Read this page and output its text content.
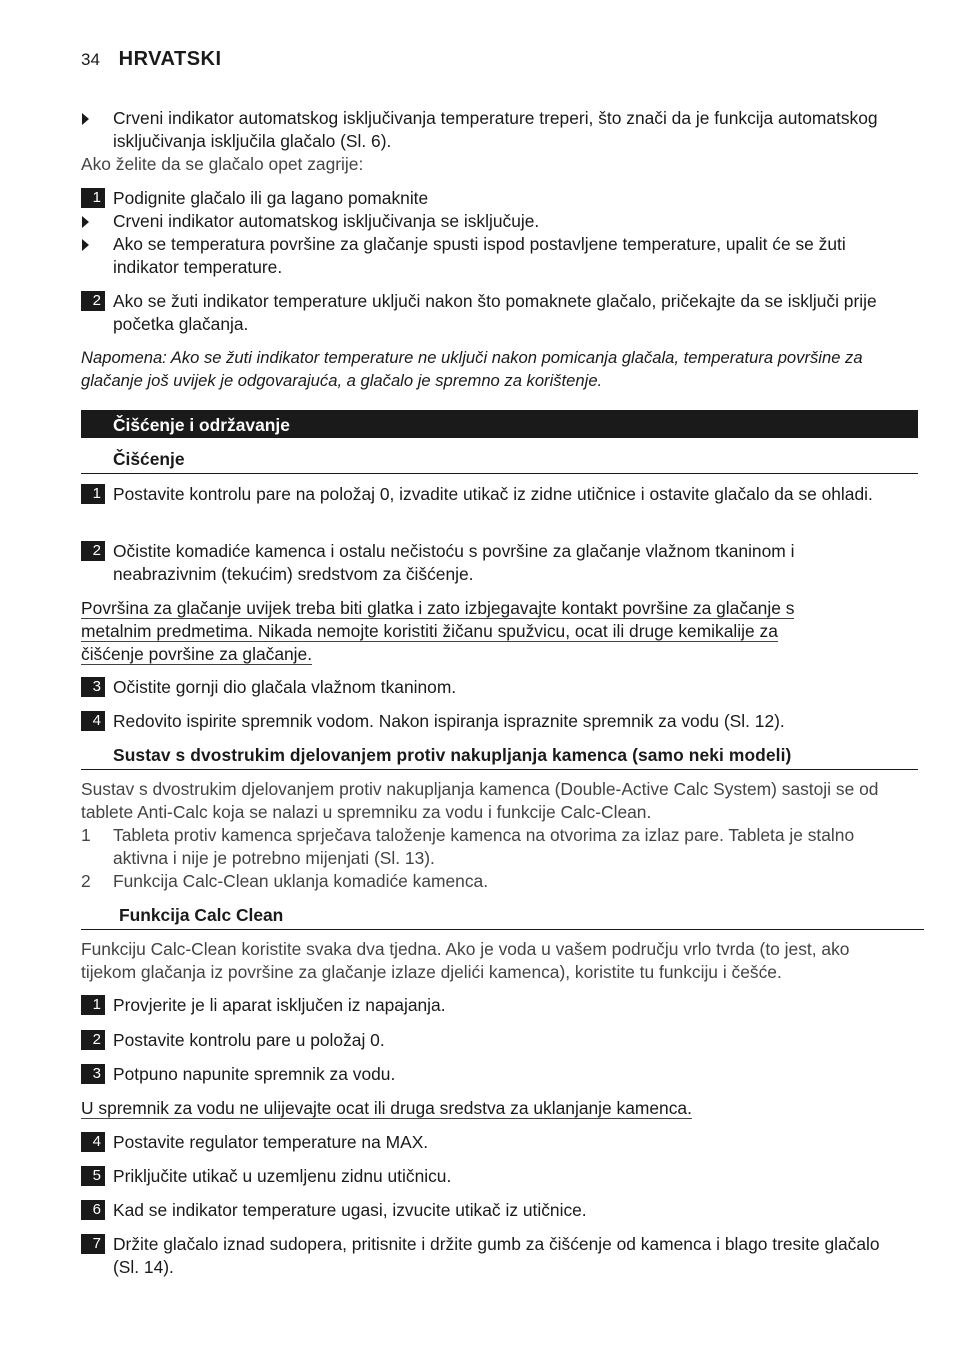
34 HRVATSKI
Crveni indikator automatskog isključivanja temperature treperi, što znači da je funkcija automatskog isključivanja isključila glačalo (Sl. 6).
Ako želite da se glačalo opet zagrije:
1 Podignite glačalo ili ga lagano pomaknite
Crveni indikator automatskog isključivanja se isključuje.
Ako se temperatura površine za glačanje spusti ispod postavljene temperature, upalit će se žuti indikator temperature.
2 Ako se žuti indikator temperature uključi nakon što pomaknete glačalo, pričekajte da se isključi prije početka glačanja.
Napomena: Ako se žuti indikator temperature ne uključi nakon pomicanja glačala, temperatura površine za glačanje još uvijek je odgovarajuća, a glačalo je spremno za korištenje.
Čišćenje i održavanje
Čišćenje
1 Postavite kontrolu pare na položaj 0, izvadite utikač iz zidne utičnice i ostavite glačalo da se ohladi.
2 Očistite komadiće kamenca i ostalu nečistoću s površine za glačanje vlažnom tkaninom i neabrazivnim (tekućim) sredstvom za čišćenje.
Površina za glačanje uvijek treba biti glatka i zato izbjegavajte kontakt površine za glačanje s
metalnim predmetima. Nikada nemojte koristiti žičanu spužvicu, ocat ili druge kemikalije za
čišćenje površine za glačanje.
3 Očistite gornji dio glačala vlažnom tkaninom.
4 Redovito ispirite spremnik vodom. Nakon ispiranja ispraznite spremnik za vodu (Sl. 12).
Sustav s dvostrukim djelovanjem protiv nakupljanja kamenca (samo neki modeli)
Sustav s dvostrukim djelovanjem protiv nakupljanja kamenca (Double-Active Calc System) sastoji se od tablete Anti-Calc koja se nalazi u spremniku za vodu i funkcije Calc-Clean.
1 Tableta protiv kamenca sprječava taloženje kamenca na otvorima za izlaz pare. Tableta je stalno aktivna i nije je potrebno mijenjati (Sl. 13).
2 Funkcija Calc-Clean uklanja komadiće kamenca.
Funkcija Calc Clean
Funkciju Calc-Clean koristite svaka dva tjedna. Ako je voda u vašem području vrlo tvrda (to jest, ako tijekom glačanja iz površine za glačanje izlaze djelići kamenca), koristite tu funkciju i češće.
1 Provjerite je li aparat isključen iz napajanja.
2 Postavite kontrolu pare u položaj 0.
3 Potpuno napunite spremnik za vodu.
U spremnik za vodu ne ulijevajte ocat ili druga sredstva za uklanjanje kamenca.
4 Postavite regulator temperature na MAX.
5 Priključite utikač u uzemljenu zidnu utičnicu.
6 Kad se indikator temperature ugasi, izvucite utikač iz utičnice.
7 Držite glačalo iznad sudopera, pritisnite i držite gumb za čišćenje od kamenca i blago tresite glačalo (Sl. 14).
